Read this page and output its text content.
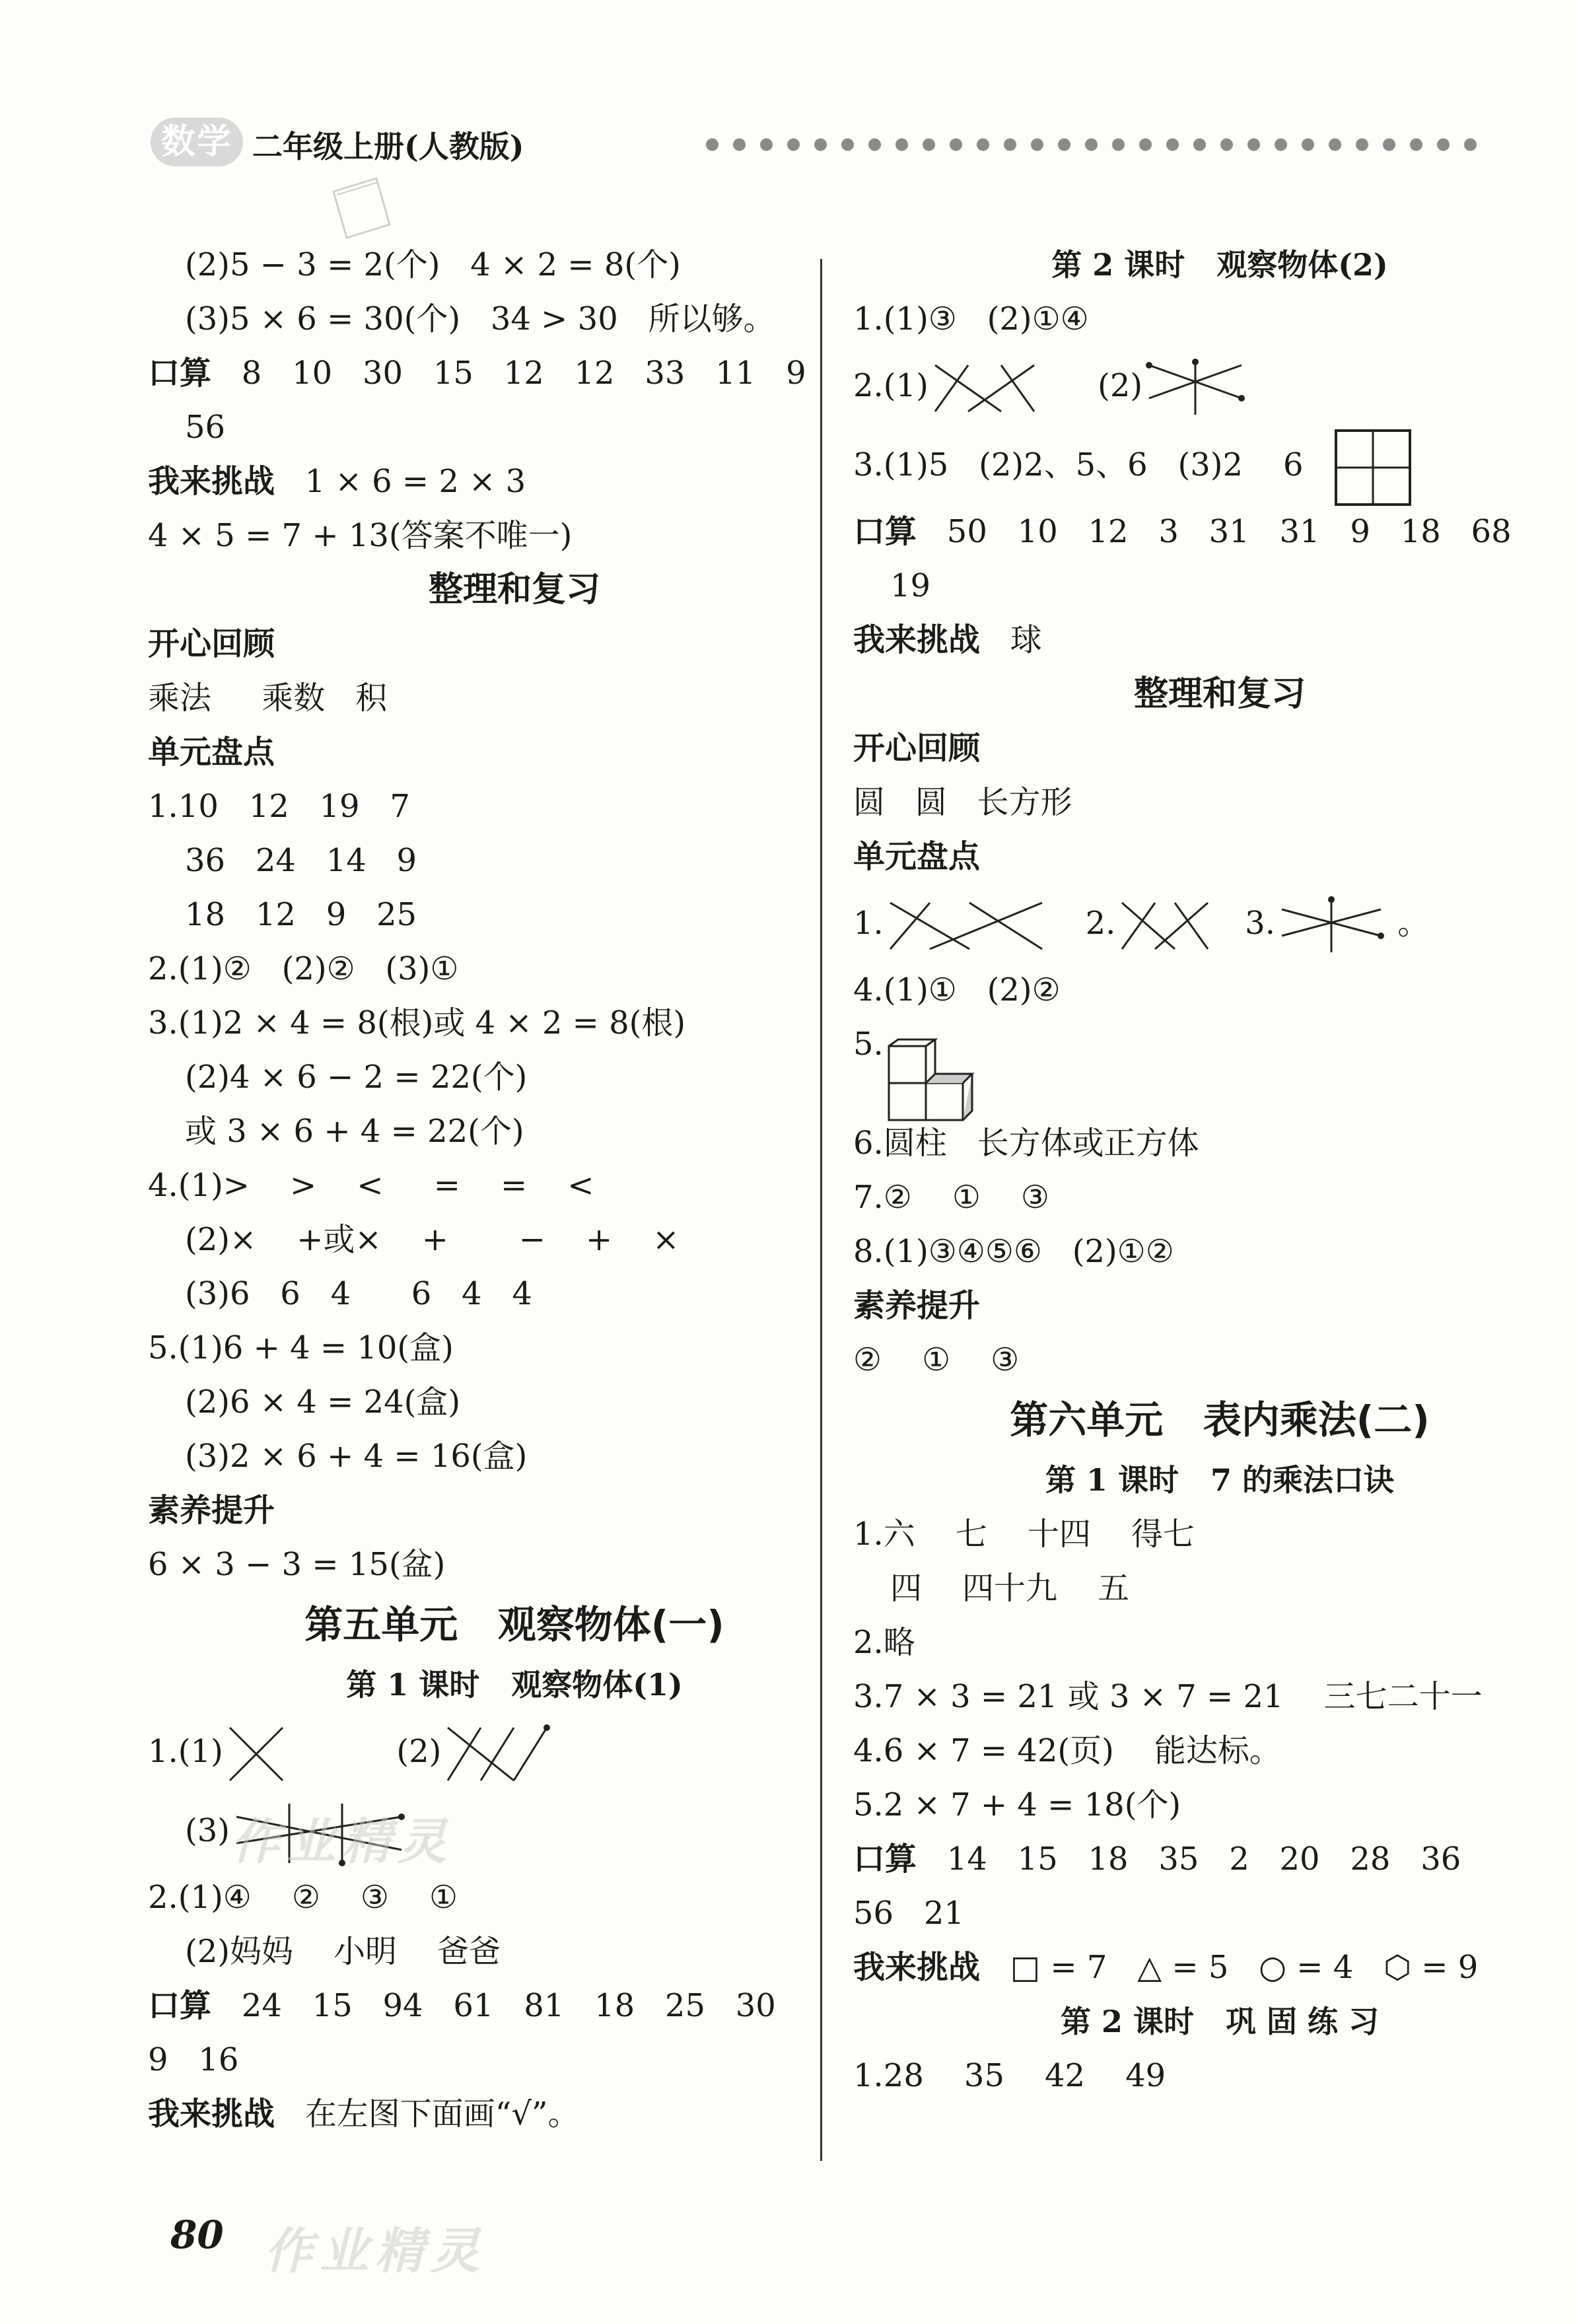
数学 二年级上册(人教版)
(2)5 − 3 = 2(个)   4 × 2 = 8(个)
(3)5 × 6 = 30(个)   34 > 30   所以够。
口算 8   10   30   15   12   12   33   11   9
56
我来挑战 1 × 6 = 2 × 3
4 × 5 = 7 + 13(答案不唯一)
整理和复习
开心回顾
乘法     乘数   积
单元盘点
1.10   12   19   7
36   24   14   9
18   12   9   25
2.(1)②   (2)②   (3)①
3.(1)2 × 4 = 8(根)或 4 × 2 = 8(根)
(2)4 × 6 − 2 = 22(个)
或 3 × 6 + 4 = 22(个)
4.(1)>    >    <     =    =    <
(2)×    +或×    +       −    +    ×
(3)6   6   4      6   4   4
5.(1)6 + 4 = 10(盒)
(2)6 × 4 = 24(盒)
(3)2 × 6 + 4 = 16(盒)
素养提升
6 × 3 − 3 = 15(盆)
第五单元   观察物体(一)
第 1 课时   观察物体(1)
1.(1)	(2)
(3)
2.(1)④    ②    ③    ①
(2)妈妈    小明    爸爸
口算 24   15   94   61   81   18   25   30
9   16
我来挑战 在左图下面画“√”。
第 2 课时   观察物体(2)
1.(1)③   (2)①④
2.(1)	(2)
3.(1)5   (2)2、5、6   (3)2    6
口算 50   10   12   3   31   31   9   18   68
19
我来挑战 球
整理和复习
开心回顾
圆   圆   长方形
单元盘点
1.	2.	3.	。
4.(1)①   (2)②
5.
6.圆柱   长方体或正方体
7.②    ①    ③
8.(1)③④⑤⑥   (2)①②
素养提升
②    ①    ③
第六单元   表内乘法(二)
第 1 课时   7 的乘法口诀
1.六    七    十四    得七
四    四十九    五
2.略
3.7 × 3 = 21 或 3 × 7 = 21    三七二十一
4.6 × 7 = 42(页)    能达标。
5.2 × 7 + 4 = 18(个)
口算 14   15   18   35   2   20   28   36
56   21
我来挑战 □ = 7   △ = 5   ○ = 4   ⬡ = 9
第 2 课时   巩 固 练 习
1.28    35    42    49
作业精灵
作业精灵
80
